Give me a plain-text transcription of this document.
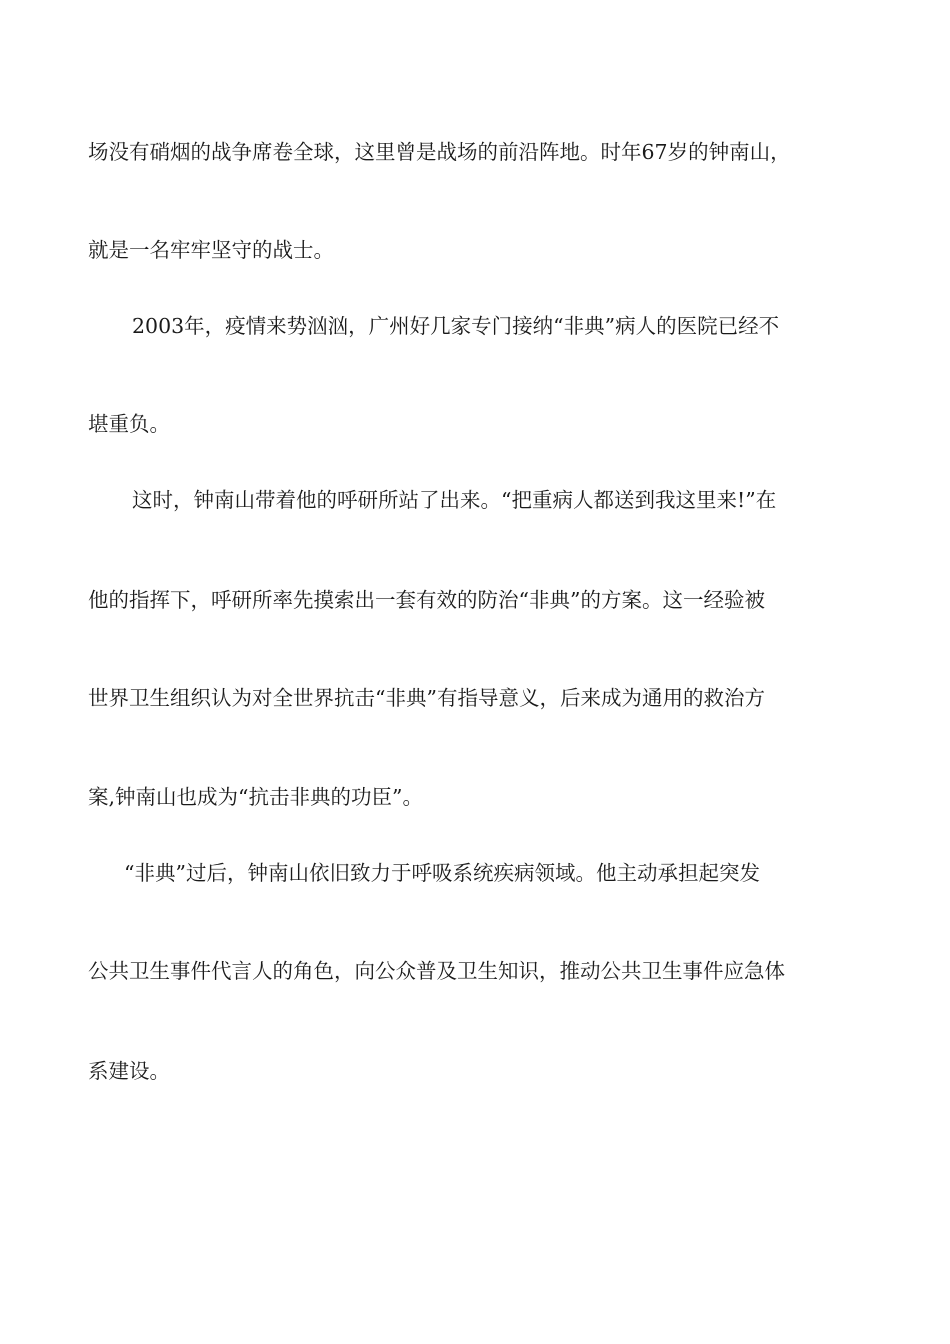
场没有硝烟的战争席卷全球，这里曾是战场的前沿阵地。时年67岁的钟南山，
就是一名牢牢坚守的战士。
2003年，疫情来势汹汹，广州好几家专门接纳“非典”病人的医院已经不
堪重负。
这时，钟南山带着他的呼研所站了出来。“把重病人都送到我这里来!”在
他的指挥下，呼研所率先摸索出一套有效的防治“非典”的方案。这一经验被
世界卫生组织认为对全世界抗击“非典”有指导意义，后来成为通用的救治方
案,钟南山也成为“抗击非典的功臣”。
“非典”过后，钟南山依旧致力于呼吸系统疾病领域。他主动承担起突发
公共卫生事件代言人的角色，向公众普及卫生知识，推动公共卫生事件应急体
系建设。
